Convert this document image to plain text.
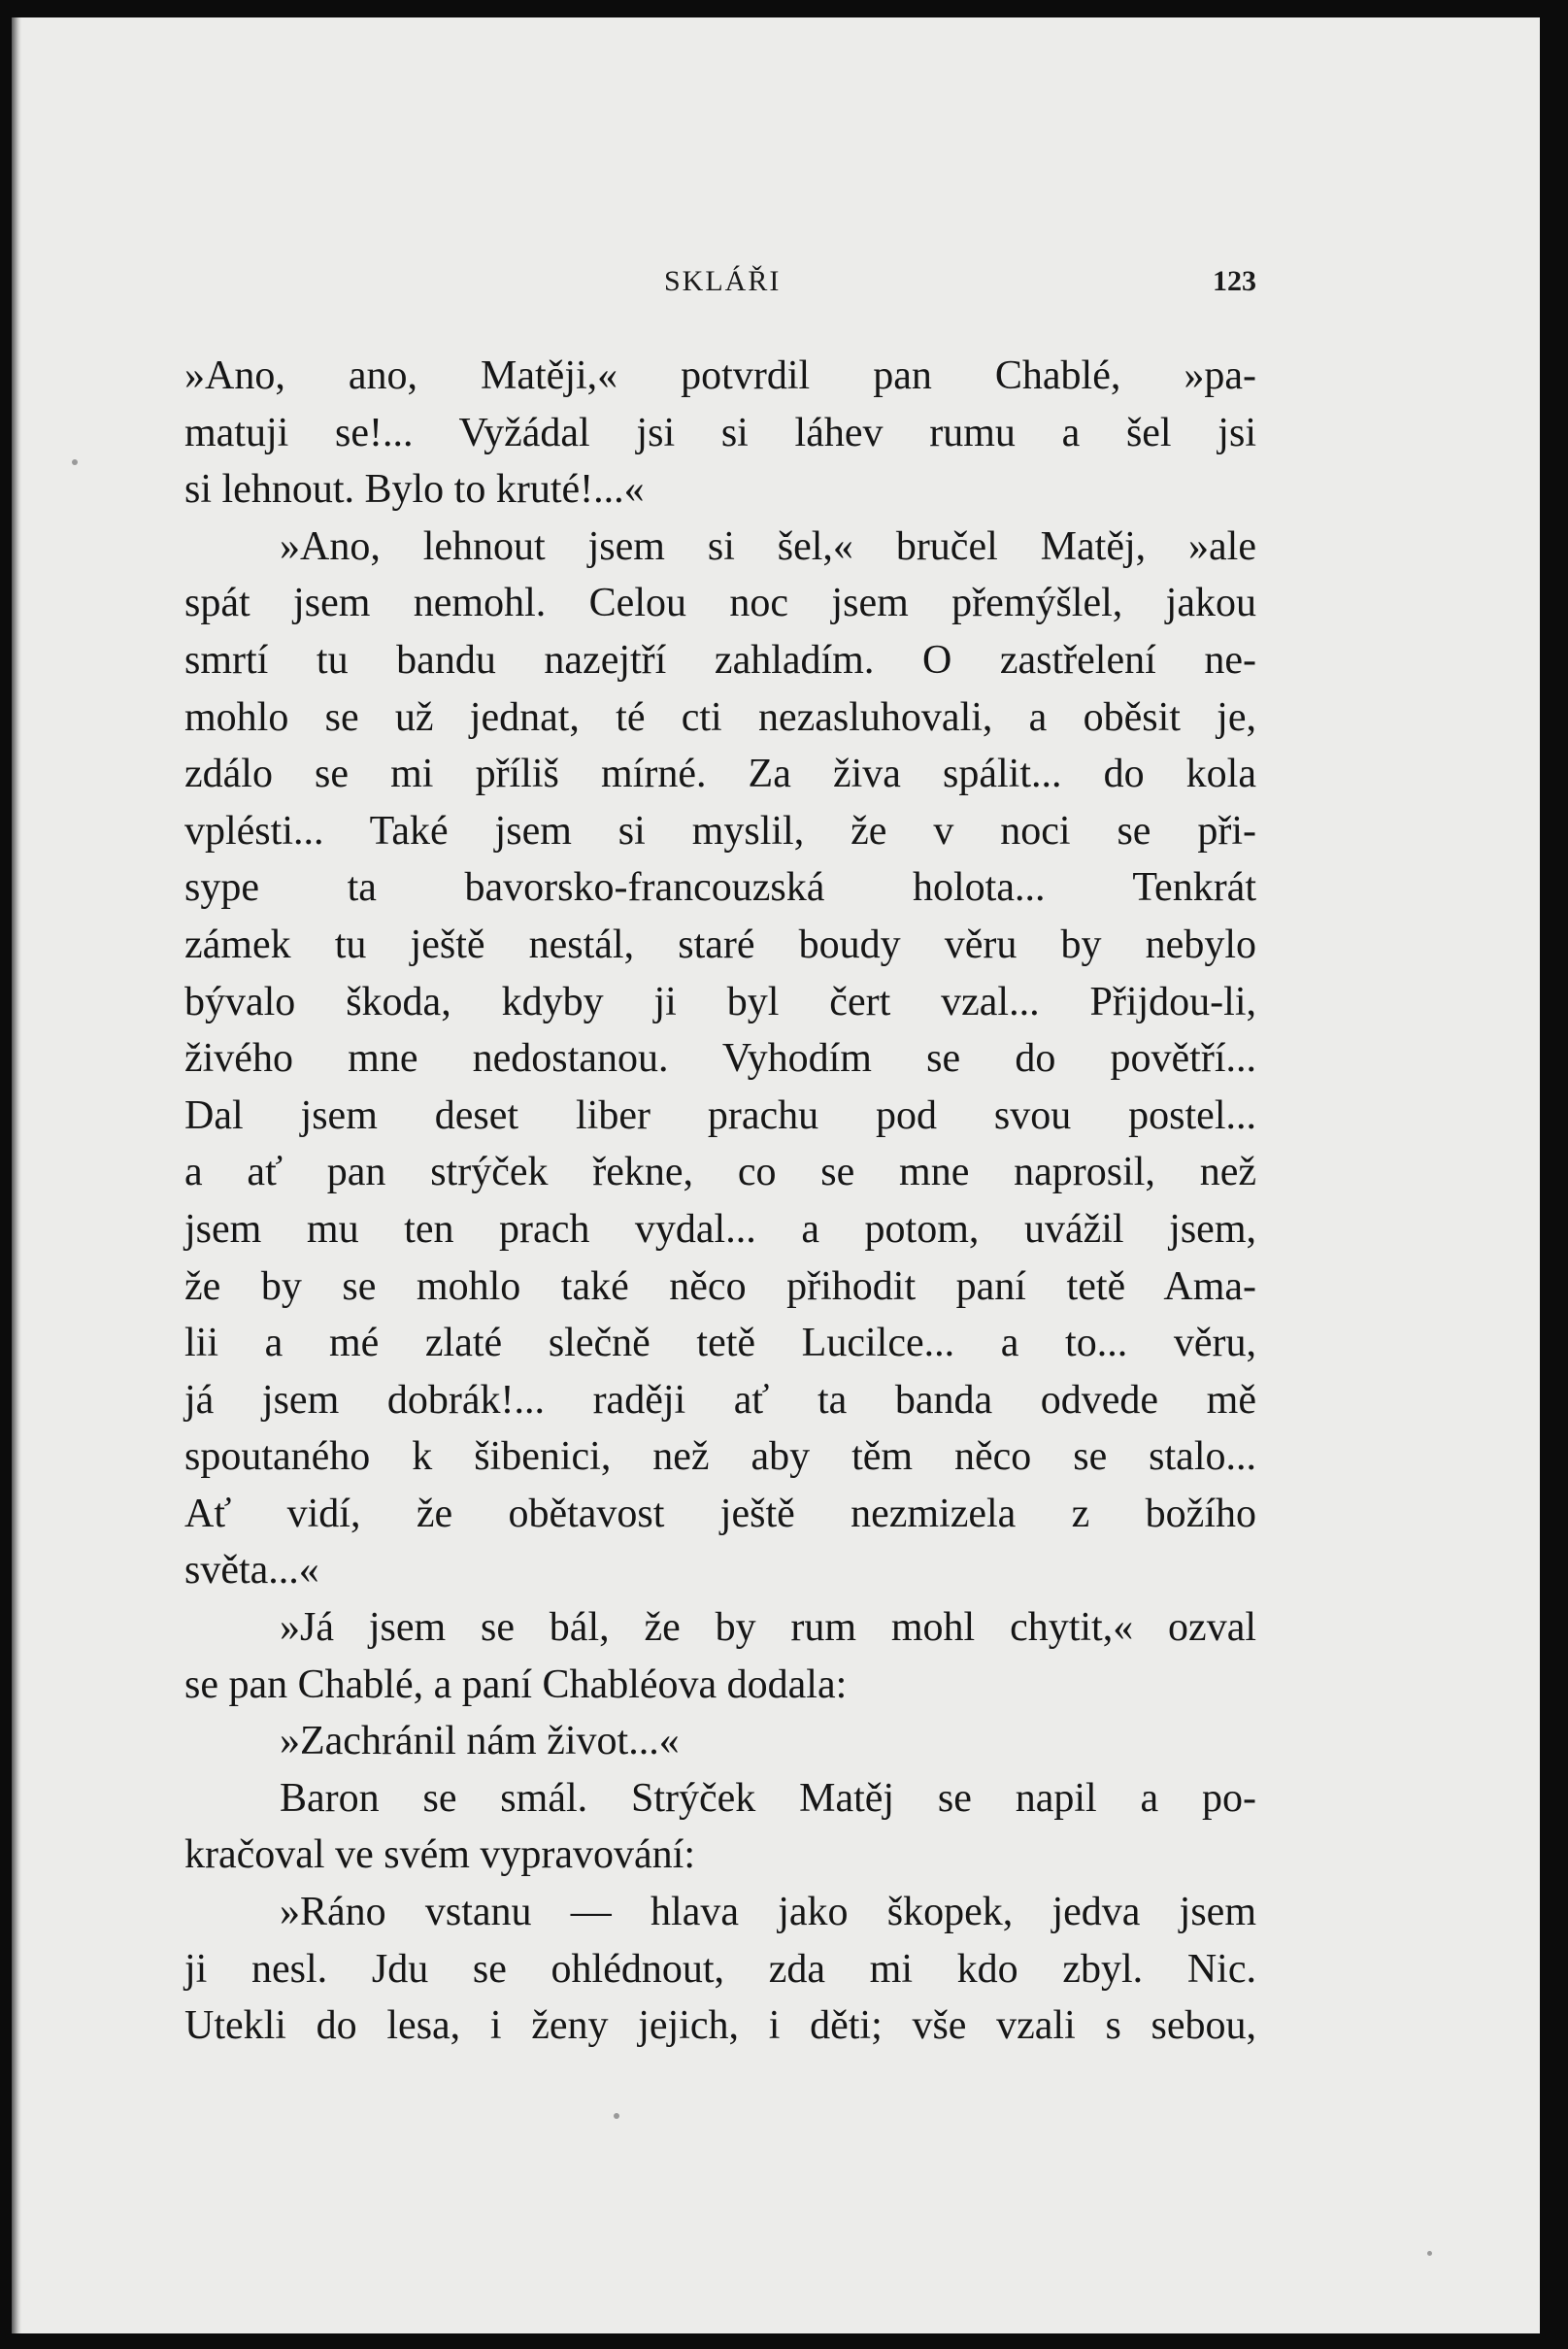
SKLÁŘI	123
»Ano, ano, Matěji,« potvrdil pan Chablé, »pa-
matuji se!... Vyžádal jsi si láhev rumu a šel jsi
si lehnout. Bylo to kruté!...«
»Ano, lehnout jsem si šel,« bručel Matěj, »ale
spát jsem nemohl. Celou noc jsem přemýšlel, jakou
smrtí tu bandu nazejtří zahladím. O zastřelení ne-
mohlo se už jednat, té cti nezasluhovali, a oběsit je,
zdálo se mi příliš mírné. Za živa spálit... do kola
vplésti... Také jsem si myslil, že v noci se při-
sype ta bavorsko-francouzská holota... Tenkrát
zámek tu ještě nestál, staré boudy věru by nebylo
bývalo škoda, kdyby ji byl čert vzal... Přijdou-li,
živého mne nedostanou. Vyhodím se do povětří...
Dal jsem deset liber prachu pod svou postel...
a ať pan strýček řekne, co se mne naprosil, než
jsem mu ten prach vydal... a potom, uvážil jsem,
že by se mohlo také něco přihodit paní tetě Ama-
lii a mé zlaté slečně tetě Lucilce... a to... věru,
já jsem dobrák!... raději ať ta banda odvede mě
spoutaného k šibenici, než aby těm něco se stalo...
Ať vidí, že obětavost ještě nezmizela z božího
světa...«
»Já jsem se bál, že by rum mohl chytit,« ozval
se pan Chablé, a paní Chabléova dodala:
»Zachránil nám život...«
Baron se smál. Strýček Matěj se napil a po-
kračoval ve svém vypravování:
»Ráno vstanu — hlava jako škopek, jedva jsem
ji nesl. Jdu se ohlédnout, zda mi kdo zbyl. Nic.
Utekli do lesa, i ženy jejich, i děti; vše vzali s sebou,
